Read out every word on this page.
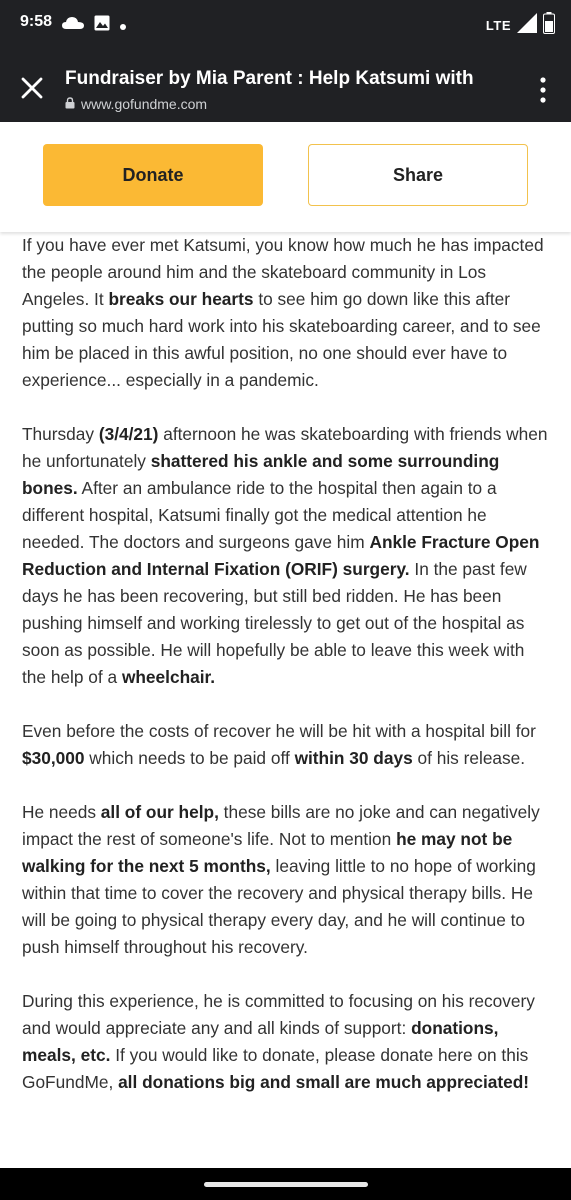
9:58	LTE
Fundraiser by Mia Parent : Help Katsumi with
www.gofundme.com
Donate	Share

If you have ever met Katsumi, you know how much he has impacted the people around him and the skateboard community in Los Angeles. It breaks our hearts to see him go down like this after putting so much hard work into his skateboarding career, and to see him be placed in this awful position, no one should ever have to experience... especially in a pandemic.

Thursday (3/4/21) afternoon he was skateboarding with friends when he unfortunately shattered his ankle and some surrounding bones. After an ambulance ride to the hospital then again to a different hospital, Katsumi finally got the medical attention he needed. The doctors and surgeons gave him Ankle Fracture Open Reduction and Internal Fixation (ORIF) surgery. In the past few days he has been recovering, but still bed ridden. He has been pushing himself and working tirelessly to get out of the hospital as soon as possible. He will hopefully be able to leave this week with the help of a wheelchair.

Even before the costs of recover he will be hit with a hospital bill for $30,000 which needs to be paid off within 30 days of his release.

He needs all of our help, these bills are no joke and can negatively impact the rest of someone's life. Not to mention he may not be walking for the next 5 months, leaving little to no hope of working within that time to cover the recovery and physical therapy bills. He will be going to physical therapy every day, and he will continue to push himself throughout his recovery.

During this experience, he is committed to focusing on his recovery and would appreciate any and all kinds of support: donations, meals, etc. If you would like to donate, please donate here on this GoFundMe, all donations big and small are much appreciated!
